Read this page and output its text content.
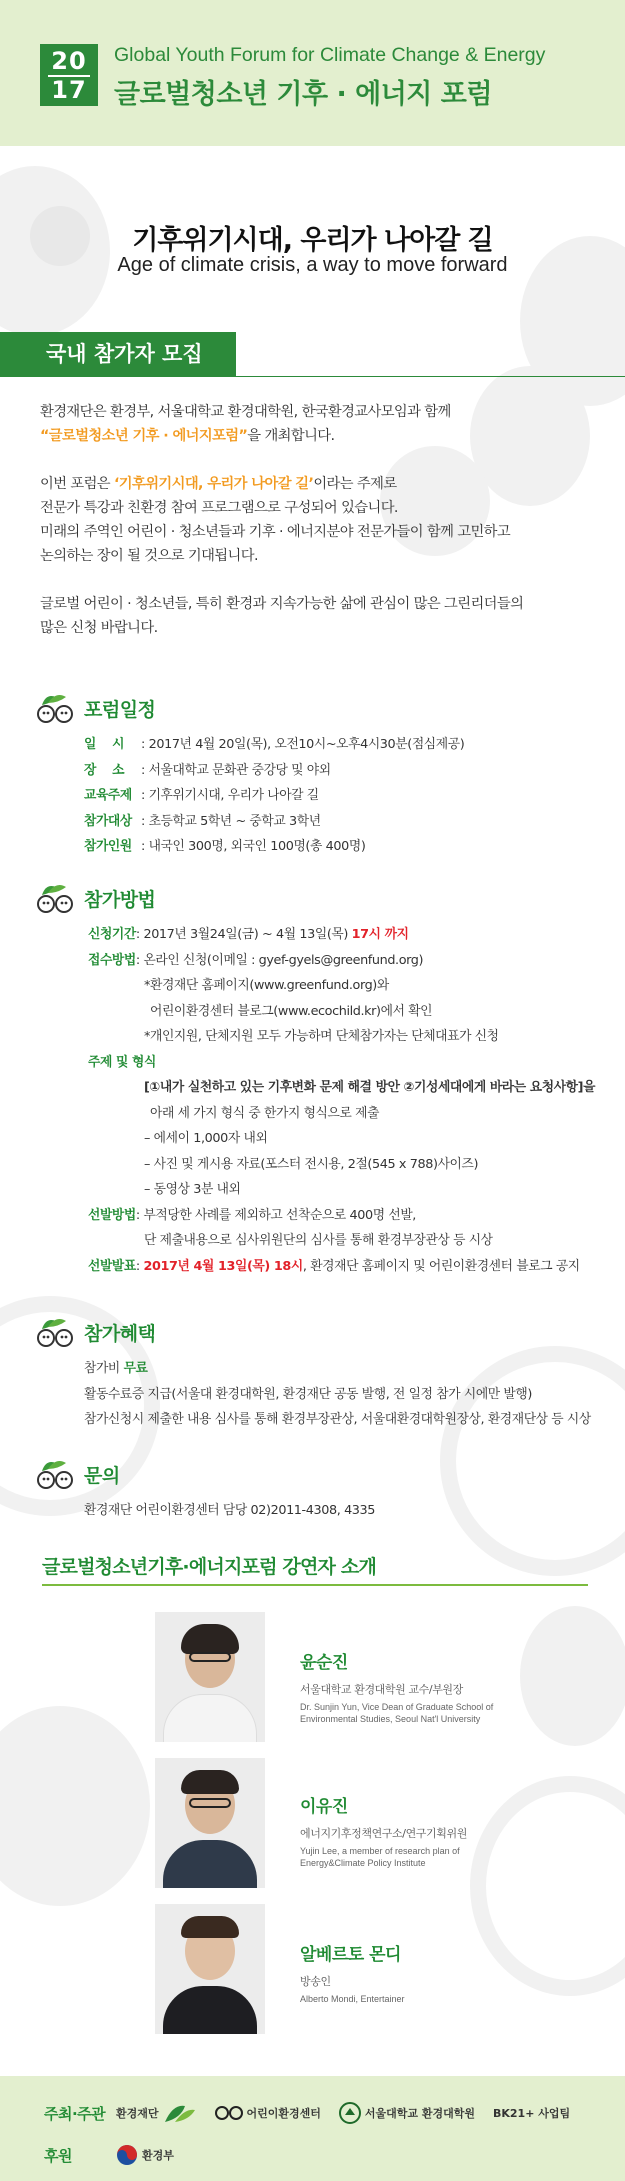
20
17
Global Youth Forum for Climate Change & Energy
글로벌청소년 기후 · 에너지 포럼
기후위기시대, 우리가 나아갈 길
Age of climate crisis, a way to move forward
국내 참가자 모집

환경재단은 환경부, 서울대학교 환경대학원, 한국환경교사모임과 함께
“글로벌청소년 기후 · 에너지포럼”을 개최합니다.

이번 포럼은 ‘기후위기시대, 우리가 나아갈 길’이라는 주제로
전문가 특강과 친환경 참여 프로그램으로 구성되어 있습니다.
미래의 주역인 어린이 · 청소년들과 기후 · 에너지분야 전문가들이 함께 고민하고
논의하는 장이 될 것으로 기대됩니다.

글로벌 어린이 · 청소년들, 특히 환경과 지속가능한 삶에 관심이 많은 그린리더들의
많은 신청 바랍니다.

포럼일정
일    시 : 2017년 4월 20일(목), 오전10시~오후4시30분(점심제공)
장    소 : 서울대학교 문화관 중강당 및 야외
교육주제 : 기후위기시대, 우리가 나아갈 길
참가대상 : 초등학교 5학년 ~ 중학교 3학년
참가인원 : 내국인 300명, 외국인 100명(총 400명)
참가방법
신청기간: 2017년 3월24일(금) ~ 4월 13일(목) 17시 까지
접수방법: 온라인 신청(이메일 : gyef-gyels@greenfund.org)
*환경재단 홈페이지(www.greenfund.org)와
어린이환경센터 블로그(www.ecochild.kr)에서 확인
*개인지원, 단체지원 모두 가능하며 단체참가자는 단체대표가 신청
주제 및 형식
[①내가 실천하고 있는 기후변화 문제 해결 방안 ②기성세대에게 바라는 요청사항]을
아래 세 가지 형식 중 한가지 형식으로 제출
– 에세이 1,000자 내외
– 사진 및 게시용 자료(포스터 전시용, 2절(545 x 788)사이즈)
– 동영상 3분 내외
선발방법: 부적당한 사례를 제외하고 선착순으로 400명 선발,
단 제출내용으로 심사위원단의 심사를 통해 환경부장관상 등 시상
선발발표: 2017년 4월 13일(목) 18시, 환경재단 홈페이지 및 어린이환경센터 블로그 공지
참가혜택
참가비 무료
활동수료증 지급(서울대 환경대학원, 환경재단 공동 발행, 전 일정 참가 시에만 발행)
참가신청시 제출한 내용 심사를 통해 환경부장관상, 서울대환경대학원장상, 환경재단상 등 시상
문의
환경재단 어린이환경센터 담당 02)2011-4308, 4335
글로벌청소년기후·에너지포럼 강연자 소개
윤순진
서울대학교 환경대학원 교수/부원장
Dr. Sunjin Yun, Vice Dean of Graduate School of
Environmental Studies, Seoul Nat'l University
이유진
에너지기후정책연구소/연구기획위원
Yujin Lee, a member of research plan of
Energy&Climate Policy Institute
알베르토 몬디
방송인
Alberto Mondi, Entertainer
주최·주관 환경재단	어린이환경센터	서울대학교 환경대학원 BK21+ 사업팀
후원	환경부
